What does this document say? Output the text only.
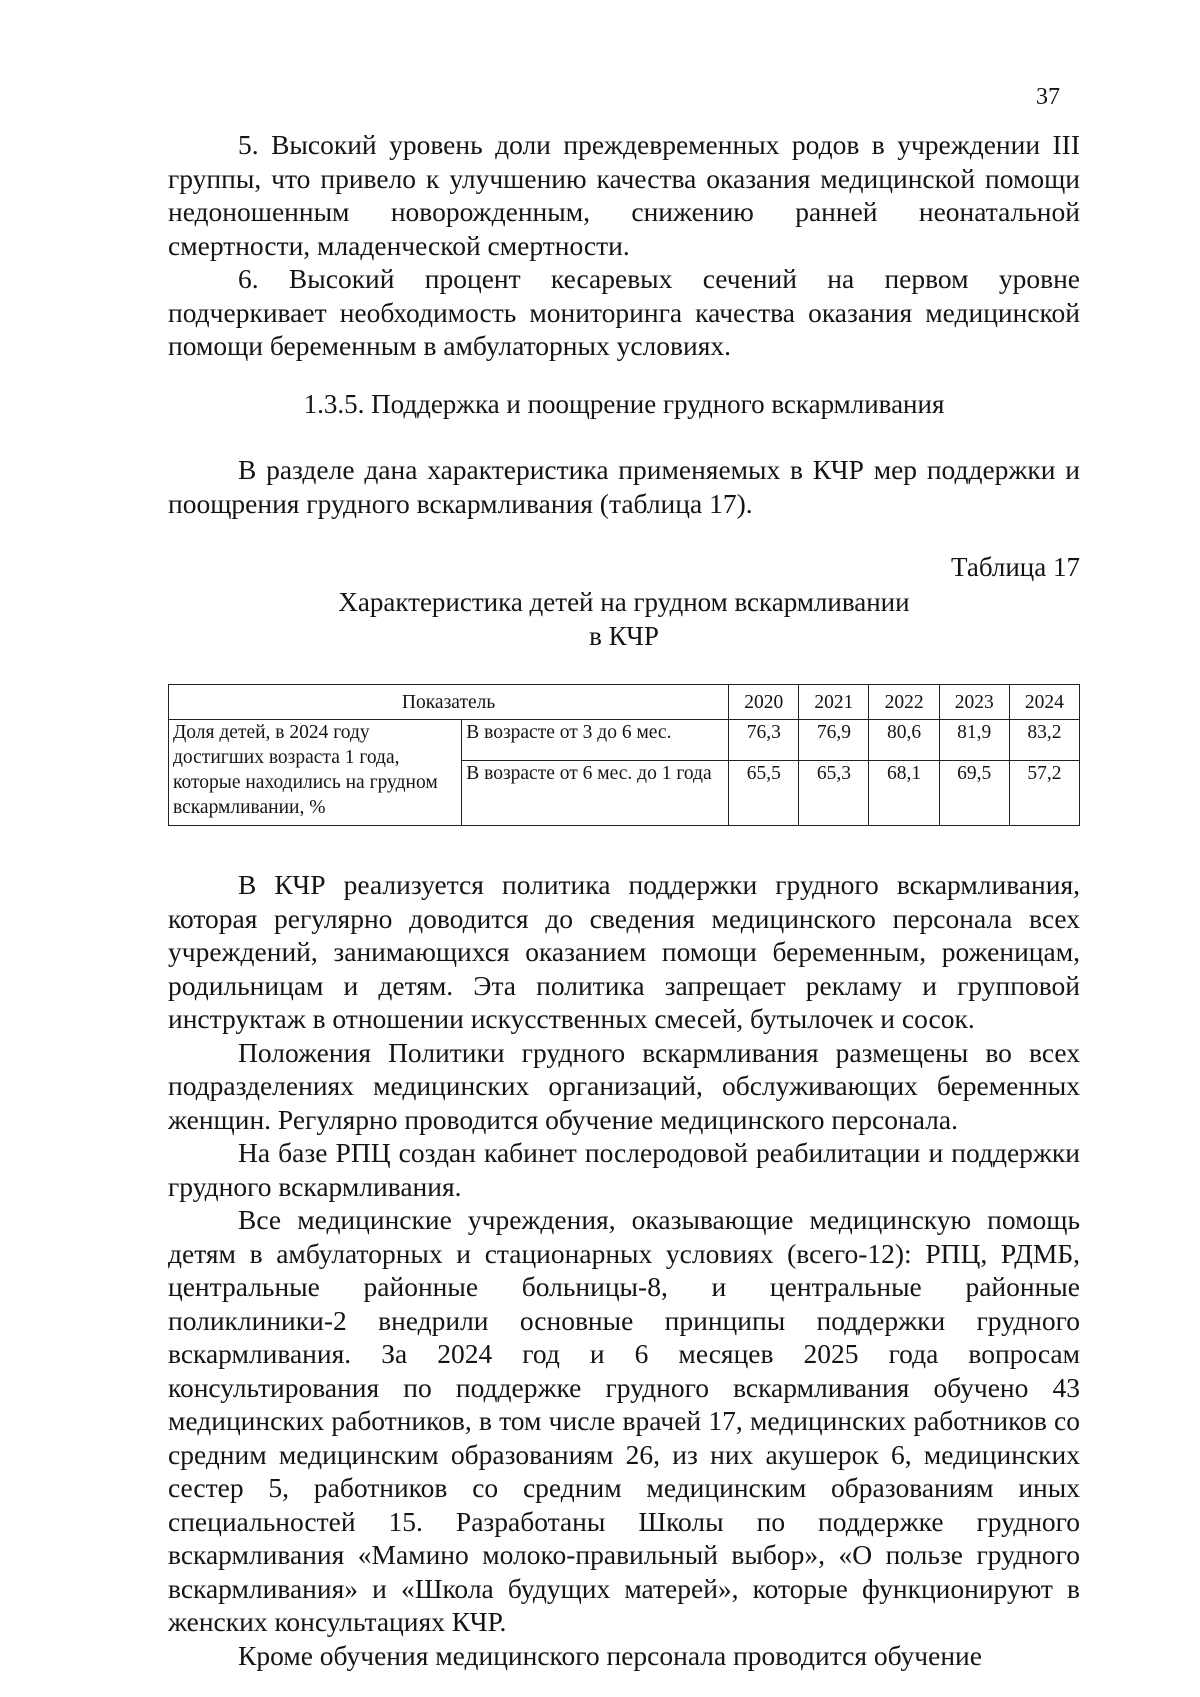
37

5. Высокий уровень доли преждевременных родов в учреждении III группы, что привело к улучшению качества оказания медицинской помощи недоношенным новорожденным, снижению ранней неонатальной смертности, младенческой смертности.

6. Высокий процент кесаревых сечений на первом уровне подчеркивает необходимость мониторинга качества оказания медицинской помощи беременным в амбулаторных условиях.

1.3.5. Поддержка и поощрение грудного вскармливания

В разделе дана характеристика применяемых в КЧР мер поддержки и поощрения грудного вскармливания (таблица 17).

Таблица 17
Характеристика детей на грудном вскармливании
в КЧР
Показатель		2020	2021	2022	2023	2024
Доля детей, в 2024 году достигших возраста 1 года, которые находились на грудном вскармливании, %	В возрасте от 3 до 6 мес.	76,3	76,9	80,6	81,9	83,2
	В возрасте от 6 мес. до 1 года	65,5	65,3	68,1	69,5	57,2

В КЧР реализуется политика поддержки грудного вскармливания, которая регулярно доводится до сведения медицинского персонала всех учреждений, занимающихся оказанием помощи беременным, роженицам, родильницам и детям. Эта политика запрещает рекламу и групповой инструктаж в отношении искусственных смесей, бутылочек и сосок.

Положения Политики грудного вскармливания размещены во всех подразделениях медицинских организаций, обслуживающих беременных женщин. Регулярно проводится обучение медицинского персонала.

На базе РПЦ создан кабинет послеродовой реабилитации и поддержки грудного вскармливания.

Все медицинские учреждения, оказывающие медицинскую помощь детям в амбулаторных и стационарных условиях (всего-12): РПЦ, РДМБ, центральные районные больницы-8, и центральные районные поликлиники-2 внедрили основные принципы поддержки грудного вскармливания. За 2024 год и 6 месяцев 2025 года вопросам консультирования по поддержке грудного вскармливания обучено 43 медицинских работников, в том числе врачей 17, медицинских работников со средним медицинским образованиям 26, из них акушерок 6, медицинских сестер 5, работников со средним медицинским образованиям иных специальностей 15. Разработаны Школы по поддержке грудного вскармливания «Мамино молоко-правильный выбор», «О пользе грудного вскармливания» и «Школа будущих матерей», которые функционируют в женских консультациях КЧР.

Кроме обучения медицинского персонала проводится обучение
